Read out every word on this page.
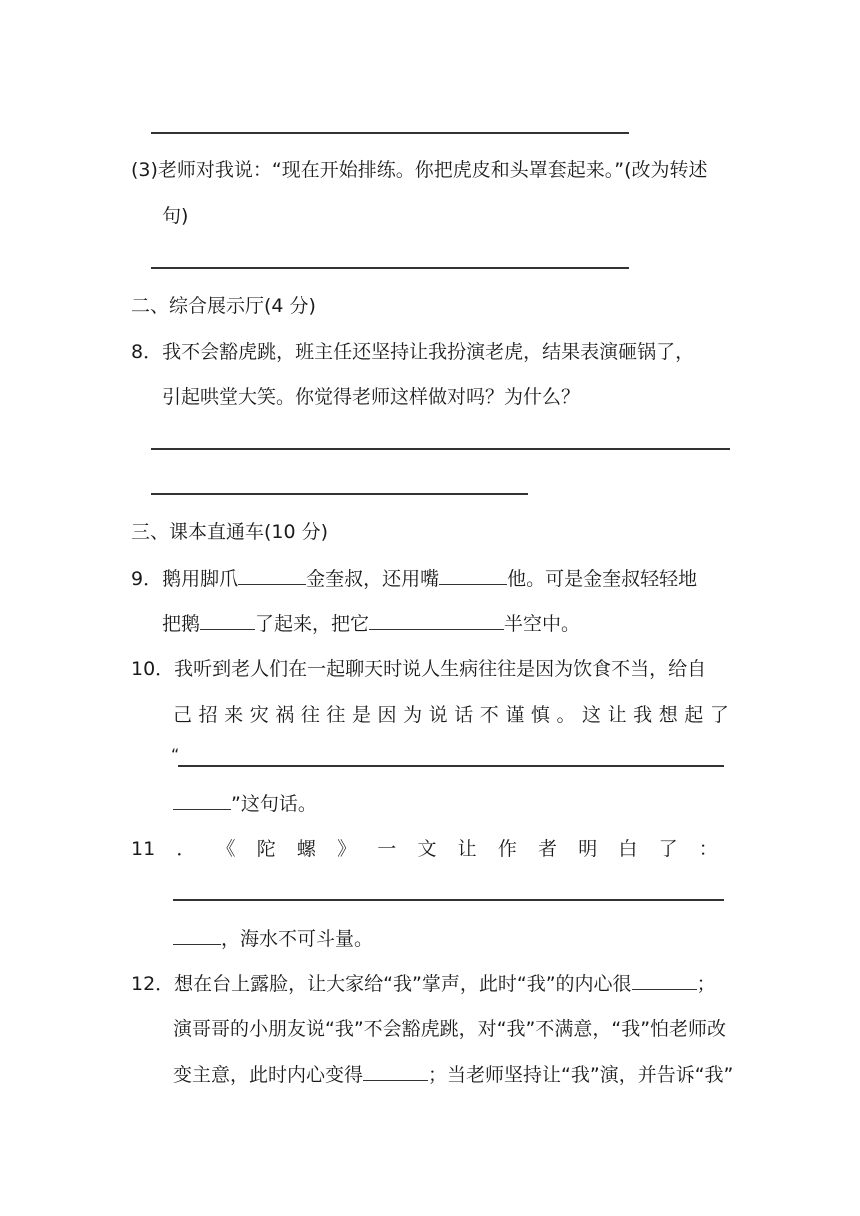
(3)老师对我说：“现在开始排练。你把虎皮和头罩套起来。”(改为转述
句)
二、综合展示厅(4 分)
8．我不会豁虎跳，班主任还坚持让我扮演老虎，结果表演砸锅了，
引起哄堂大笑。你觉得老师这样做对吗？为什么？
三、课本直通车(10 分)
9．鹅用脚爪	金奎叔，还用嘴	他。可是金奎叔轻轻地
把鹅	了起来，把它	半空中。
10．我听到老人们在一起聊天时说人生病往往是因为饮食不当，给自
己 招 来 灾 祸 往 往 是 因 为 说 话 不 谨 慎 。 这 让 我 想 起 了
“
”这句话。
11 ． 《 陀 螺 》 一 文 让 作 者 明 白 了 ：
，海水不可斗量。
12．想在台上露脸，让大家给“我”掌声，此时“我”的内心很	；
演哥哥的小朋友说“我”不会豁虎跳，对“我”不满意，“我”怕老师改
变主意，此时内心变得	；当老师坚持让“我”演，并告诉“我”
